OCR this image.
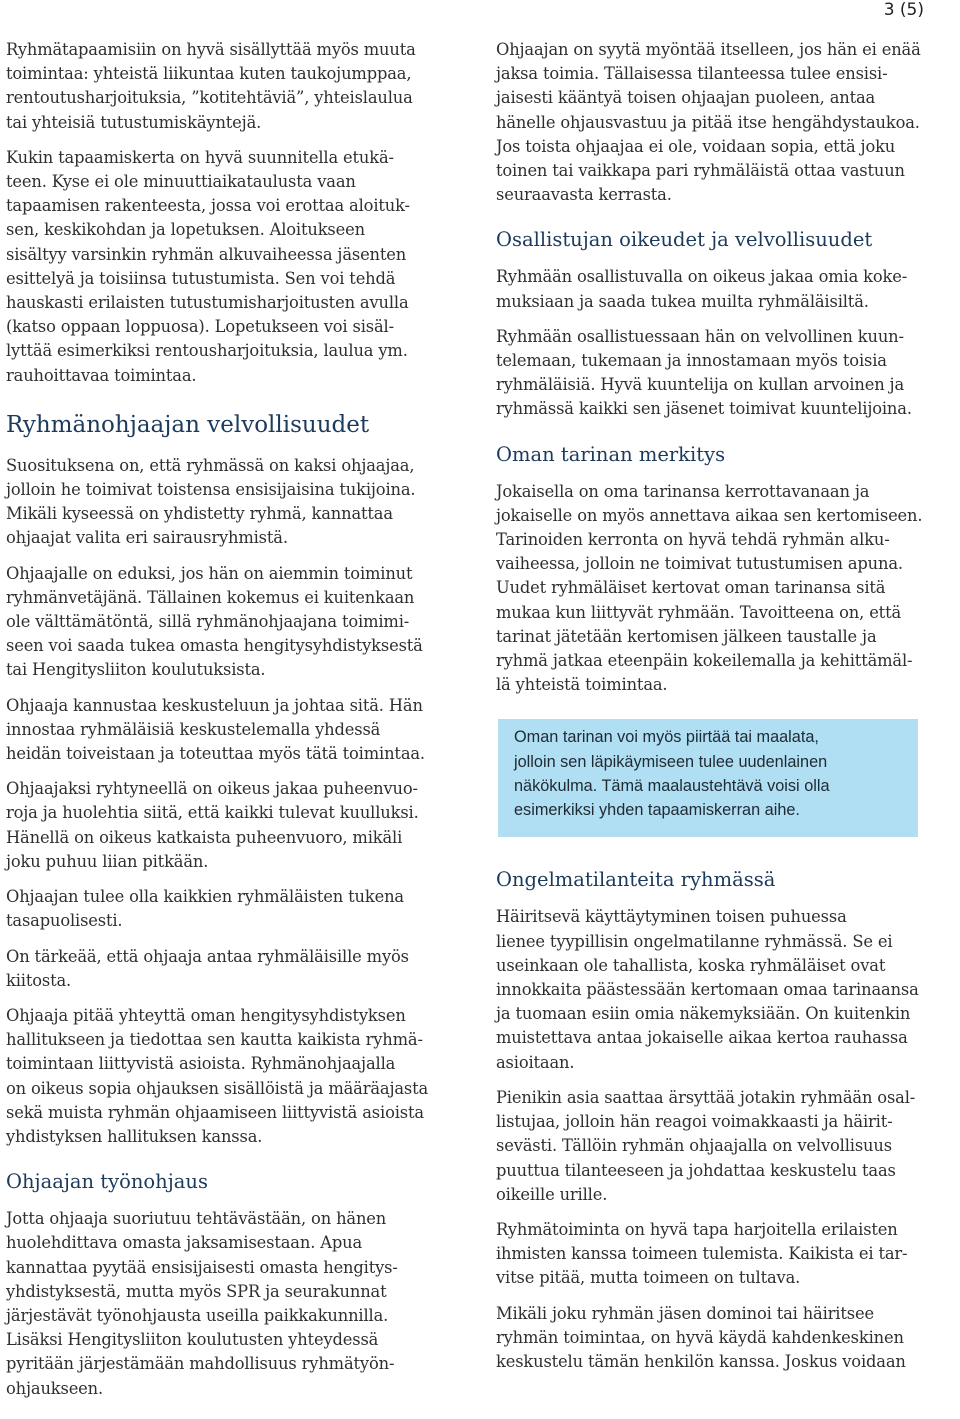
3 (5)
Ryhmätapaamisiin on hyvä sisällyttää myös muuta
toimintaa: yhteistä liikuntaa kuten taukojumppaa,
rentoutusharjoituksia, ”kotitehtäviä”, yhteislaulua
tai yhteisiä tutustumiskäyntejä.
Kukin tapaamiskerta on hyvä suunnitella etukä-
teen. Kyse ei ole minuuttiaikataulusta vaan
tapaamisen rakenteesta, jossa voi erottaa aloituk-
sen, keskikohdan ja lopetuksen. Aloitukseen
sisältyy varsinkin ryhmän alkuvaiheessa jäsenten
esittelyä ja toisiinsa tutustumista. Sen voi tehdä
hauskasti erilaisten tutustumisharjoitusten avulla
(katso oppaan loppuosa). Lopetukseen voi sisäl-
lyttää esimerkiksi rentousharjoituksia, laulua ym.
rauhoittavaa toimintaa.
Ryhmänohjaajan velvollisuudet
Suosituksena on, että ryhmässä on kaksi ohjaajaa,
jolloin he toimivat toistensa ensisijaisina tukijoina.
Mikäli kyseessä on yhdistetty ryhmä, kannattaa
ohjaajat valita eri sairausryhmistä.
Ohjaajalle on eduksi, jos hän on aiemmin toiminut
ryhmänvetäjänä. Tällainen kokemus ei kuitenkaan
ole välttämätöntä, sillä ryhmänohjaajana toimimi-
seen voi saada tukea omasta hengitysyhdistyksestä
tai Hengitysliiton koulutuksista.
Ohjaaja kannustaa keskusteluun ja johtaa sitä. Hän
innostaa ryhmäläisiä keskustelemalla yhdessä
heidän toiveistaan ja toteuttaa myös tätä toimintaa.
Ohjaajaksi ryhtyneellä on oikeus jakaa puheenvuo-
roja ja huolehtia siitä, että kaikki tulevat kuulluksi.
Hänellä on oikeus katkaista puheenvuoro, mikäli
joku puhuu liian pitkään.
Ohjaajan tulee olla kaikkien ryhmäläisten tukena
tasapuolisesti.
On tärkeää, että ohjaaja antaa ryhmäläisille myös
kiitosta.
Ohjaaja pitää yhteyttä oman hengitysyhdistyksen
hallitukseen ja tiedottaa sen kautta kaikista ryhmä-
toimintaan liittyvistä asioista. Ryhmänohjaajalla
on oikeus sopia ohjauksen sisällöistä ja määräajasta
sekä muista ryhmän ohjaamiseen liittyvistä asioista
yhdistyksen hallituksen kanssa.
Ohjaajan työnohjaus
Jotta ohjaaja suoriutuu tehtävästään, on hänen
huolehdittava omasta jaksamisestaan. Apua
kannattaa pyytää ensisijaisesti omasta hengitys-
yhdistyksestä, mutta myös SPR ja seurakunnat
järjestävät työnohjausta useilla paikkakunnilla.
Lisäksi Hengitysliiton koulutusten yhteydessä
pyritään järjestämään mahdollisuus ryhmätyön-
ohjaukseen.
Ohjaajan on syytä myöntää itselleen, jos hän ei enää
jaksa toimia. Tällaisessa tilanteessa tulee ensisi-
jaisesti kääntyä toisen ohjaajan puoleen, antaa
hänelle ohjausvastuu ja pitää itse hengähdystaukoa.
Jos toista ohjaajaa ei ole, voidaan sopia, että joku
toinen tai vaikkapa pari ryhmäläistä ottaa vastuun
seuraavasta kerrasta.
Osallistujan oikeudet ja velvollisuudet
Ryhmään osallistuvalla on oikeus jakaa omia koke-
muksiaan ja saada tukea muilta ryhmäläisiltä.
Ryhmään osallistuessaan hän on velvollinen kuun-
telemaan, tukemaan ja innostamaan myös toisia
ryhmäläisiä. Hyvä kuuntelija on kullan arvoinen ja
ryhmässä kaikki sen jäsenet toimivat kuuntelijoina.
Oman tarinan merkitys
Jokaisella on oma tarinansa kerrottavanaan ja
jokaiselle on myös annettava aikaa sen kertomiseen.
Tarinoiden kerronta on hyvä tehdä ryhmän alku-
vaiheessa, jolloin ne toimivat tutustumisen apuna.
Uudet ryhmäläiset kertovat oman tarinansa sitä
mukaa kun liittyvät ryhmään. Tavoitteena on, että
tarinat jätetään kertomisen jälkeen taustalle ja
ryhmä jatkaa eteenpäin kokeilemalla ja kehittämäl-
lä yhteistä toimintaa.
Oman tarinan voi myös piirtää tai maalata,
jolloin sen läpikäymiseen tulee uudenlainen
näkökulma. Tämä maalaustehtävä voisi olla
esimerkiksi yhden tapaamiskerran aihe.
Ongelmatilanteita ryhmässä
Häiritsevä käyttäytyminen toisen puhuessa
lienee tyypillisin ongelmatilanne ryhmässä. Se ei
useinkaan ole tahallista, koska ryhmäläiset ovat
innokkaita päästessään kertomaan omaa tarinaansa
ja tuomaan esiin omia näkemyksiään. On kuitenkin
muistettava antaa jokaiselle aikaa kertoa rauhassa
asioitaan.
Pienikin asia saattaa ärsyttää jotakin ryhmään osal-
listujaa, jolloin hän reagoi voimakkaasti ja häirit-
sevästi. Tällöin ryhmän ohjaajalla on velvollisuus
puuttua tilanteeseen ja johdattaa keskustelu taas
oikeille urille.
Ryhmätoiminta on hyvä tapa harjoitella erilaisten
ihmisten kanssa toimeen tulemista. Kaikista ei tar-
vitse pitää, mutta toimeen on tultava.
Mikäli joku ryhmän jäsen dominoi tai häiritsee
ryhmän toimintaa, on hyvä käydä kahdenkeskinen
keskustelu tämän henkilön kanssa. Joskus voidaan
